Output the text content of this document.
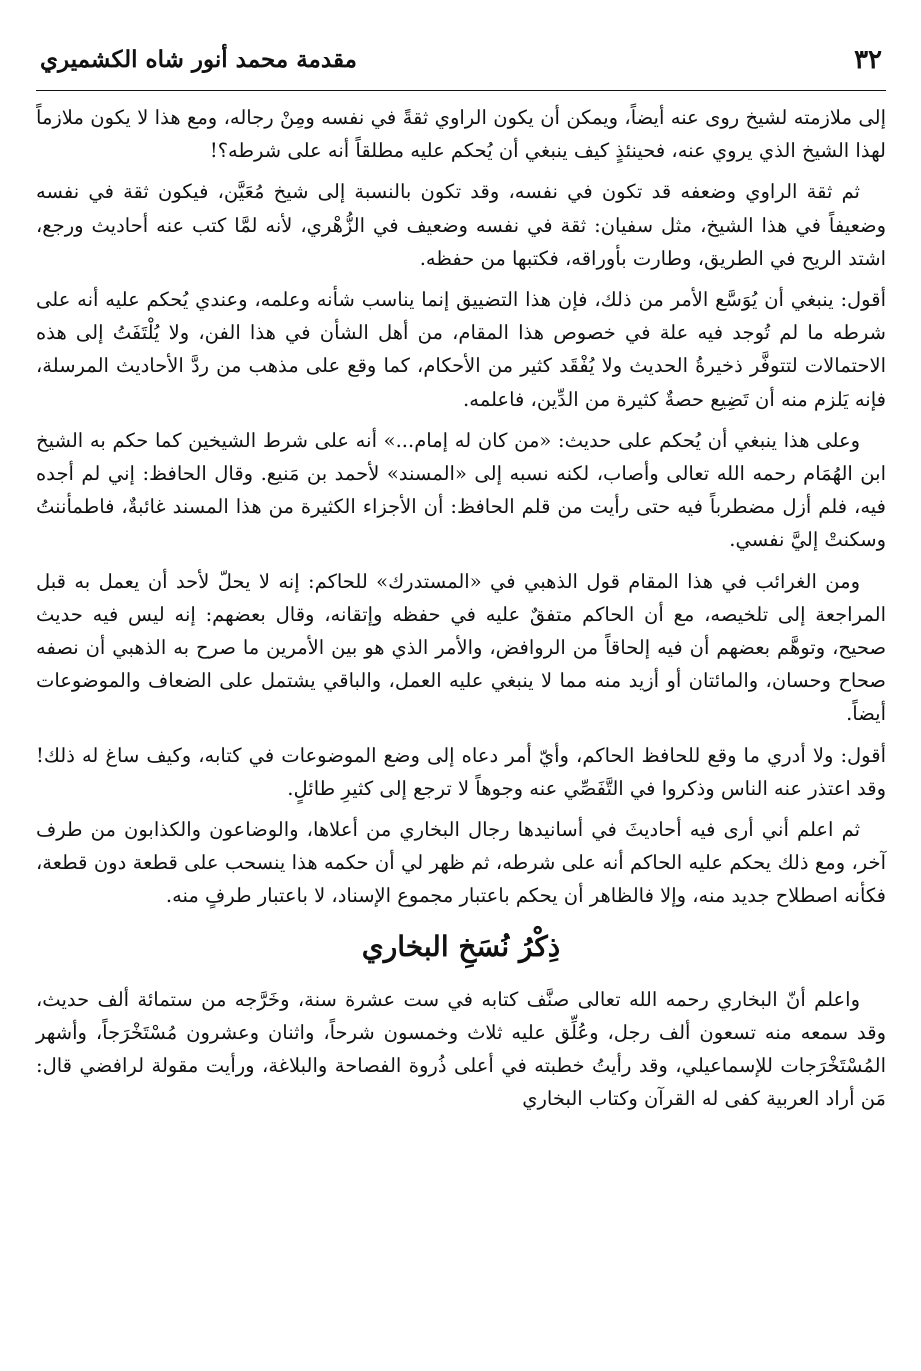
٣٢
مقدمة محمد أنور شاه الكشميري

إلى ملازمته لشيخ روى عنه أيضاً، ويمكن أن يكون الراوي ثقةً في نفسه ومِنْ رجاله، ومع هذا لا يكون ملازماً لهذا الشيخ الذي يروي عنه، فحينئذٍ كيف ينبغي أن يُحكم عليه مطلقاً أنه على شرطه؟!

ثم ثقة الراوي وضعفه قد تكون في نفسه، وقد تكون بالنسبة إلى شيخ مُعَيَّن، فيكون ثقة في نفسه وضعيفاً في هذا الشيخ، مثل سفيان: ثقة في نفسه وضعيف في الزُّهْري، لأنه لمَّا كتب عنه أحاديث ورجع، اشتد الريح في الطريق، وطارت بأوراقه، فكتبها من حفظه.

أقول: ينبغي أن يُوَسَّع الأمر من ذلك، فإن هذا التضييق إنما يناسب شأنه وعلمه، وعندي يُحكم عليه أنه على شرطه ما لم تُوجد فيه علة في خصوص هذا المقام، من أهل الشأن في هذا الفن، ولا يُلْتَفَتُ إلى هذه الاحتمالات لتتوفَّر ذخيرةُ الحديث ولا يُفْقَد كثير من الأحكام، كما وقع على مذهب من ردَّ الأحاديث المرسلة، فإنه يَلزم منه أن تَضِيع حصةٌ كثيرة من الدِّين، فاعلمه.

وعلى هذا ينبغي أن يُحكم على حديث: «من كان له إمام...» أنه على شرط الشيخين كما حكم به الشيخ ابن الهُمَام رحمه الله تعالى وأصاب، لكنه نسبه إلى «المسند» لأحمد بن مَنيع. وقال الحافظ: إني لم أجده فيه، فلم أزل مضطرباً فيه حتى رأيت من قلم الحافظ: أن الأجزاء الكثيرة من هذا المسند غائبةٌ، فاطمأننتُ وسكنتْ إليَّ نفسي.

ومن الغرائب في هذا المقام قول الذهبي في «المستدرك» للحاكم: إنه لا يحلّ لأحد أن يعمل به قبل المراجعة إلى تلخيصه، مع أن الحاكم متفقٌ عليه في حفظه وإتقانه، وقال بعضهم: إنه ليس فيه حديث صحيح، وتوهَّم بعضهم أن فيه إلحاقاً من الروافض، والأمر الذي هو بين الأمرين ما صرح به الذهبي أن نصفه صحاح وحسان، والمائتان أو أزيد منه مما لا ينبغي عليه العمل، والباقي يشتمل على الضعاف والموضوعات أيضاً.

أقول: ولا أدري ما وقع للحافظ الحاكم، وأيّ أمر دعاه إلى وضع الموضوعات في كتابه، وكيف ساغ له ذلك! وقد اعتذر عنه الناس وذكروا في التَّفَصِّي عنه وجوهاً لا ترجع إلى كثيرِ طائلٍ.

ثم اعلم أني أرى فيه أحاديثَ في أسانيدها رجال البخاري من أعلاها، والوضاعون والكذابون من طرف آخر، ومع ذلك يحكم عليه الحاكم أنه على شرطه، ثم ظهر لي أن حكمه هذا ينسحب على قطعة دون قطعة، فكأنه اصطلاح جديد منه، وإلا فالظاهر أن يحكم باعتبار مجموع الإسناد، لا باعتبار طرفٍ منه.

ذِكْرُ نُسَخِ البخاري

واعلم أنّ البخاري رحمه الله تعالى صنَّف كتابه في ست عشرة سنة، وخَرَّجه من ستمائة ألف حديث، وقد سمعه منه تسعون ألف رجل، وعُلِّق عليه ثلاث وخمسون شرحاً، واثنان وعشرون مُسْتَخْرَجاً، وأشهر المُسْتَخْرَجات للإسماعيلي، وقد رأيتُ خطبته في أعلى ذُروة الفصاحة والبلاغة، ورأيت مقولة لرافضي قال: مَن أراد العربية كفى له القرآن وكتاب البخاري
